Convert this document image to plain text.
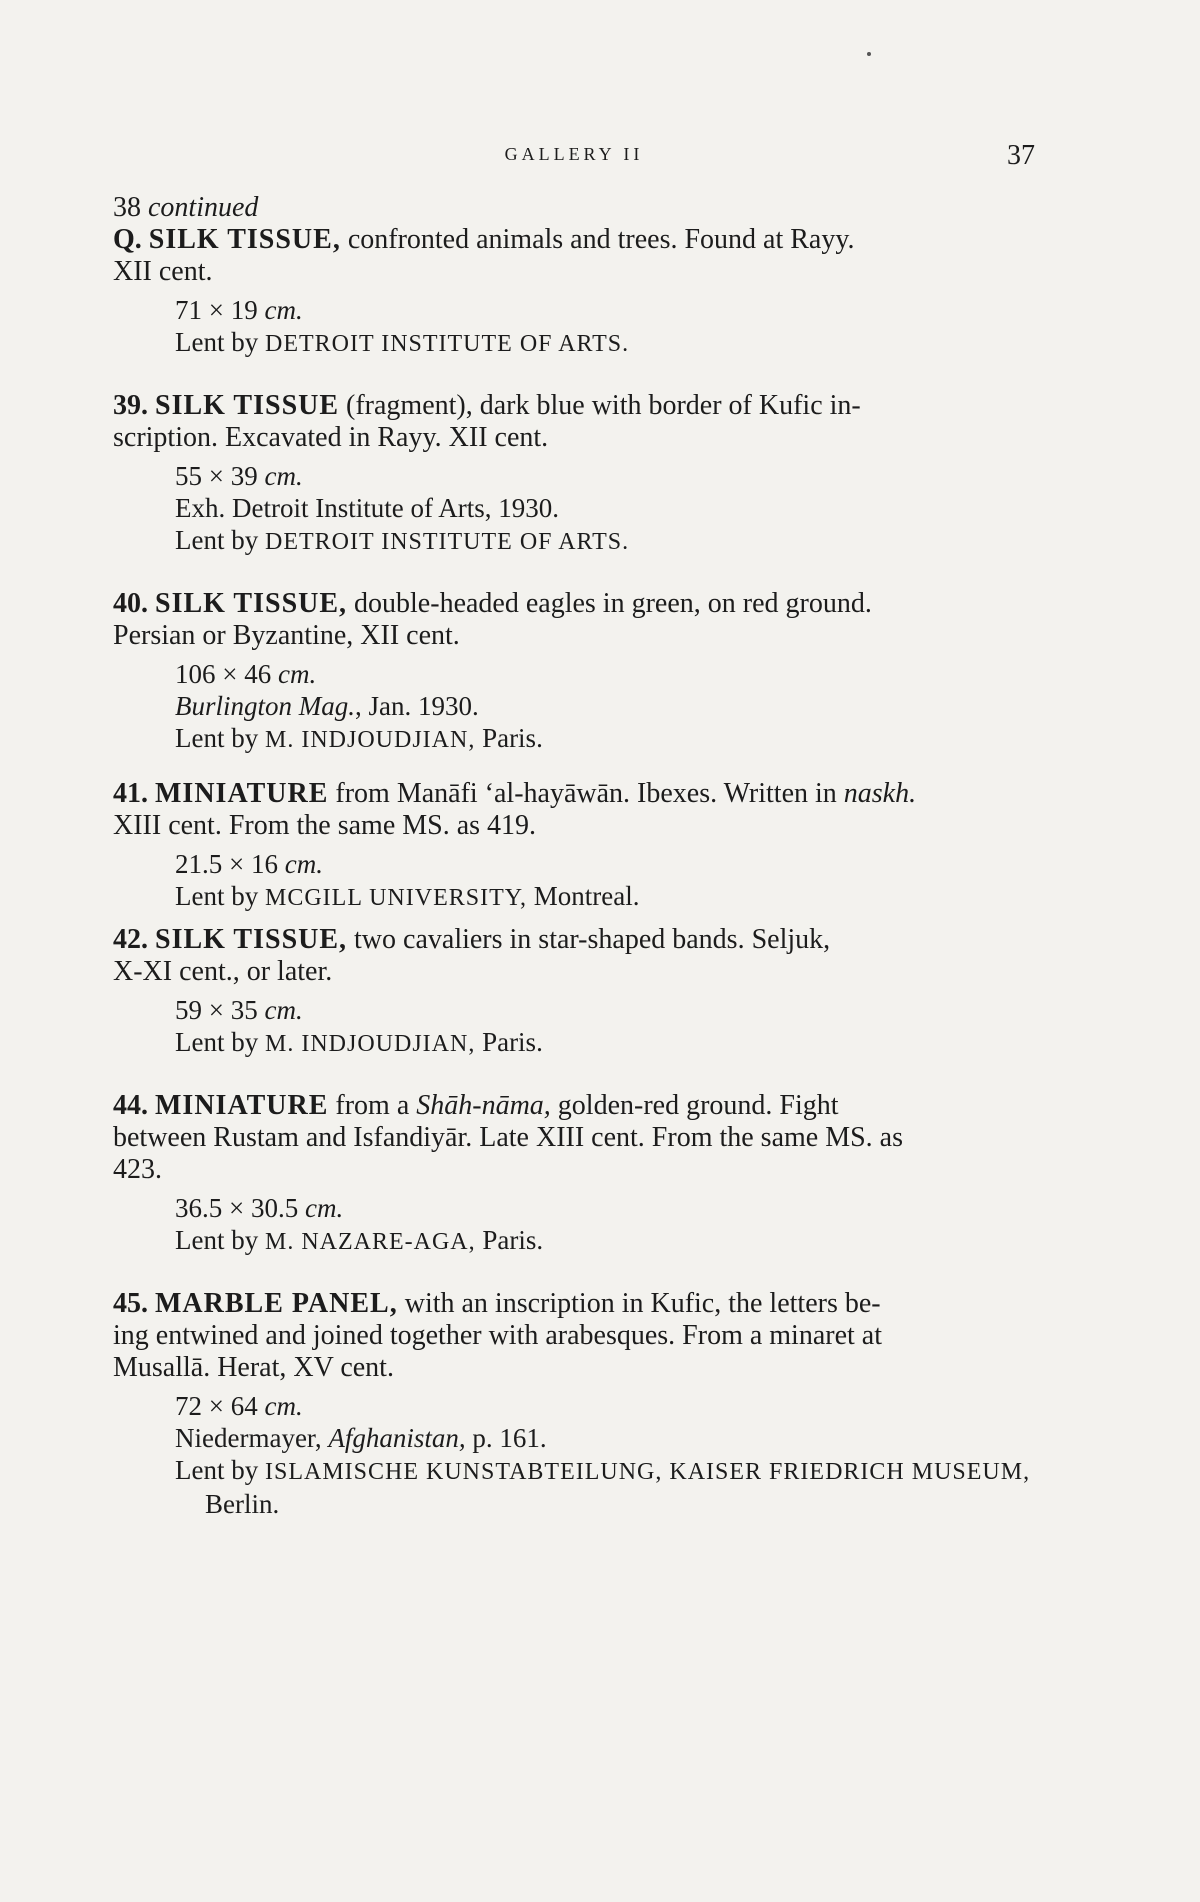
GALLERY II	37

38 continued

Q. SILK TISSUE, confronted animals and trees. Found at Rayy.
XII cent.

71 × 19 cm.

Lent by DETROIT INSTITUTE OF ARTS.

39. SILK TISSUE (fragment), dark blue with border of Kufic in-
scription. Excavated in Rayy. XII cent.

55 × 39 cm.

Exh. Detroit Institute of Arts, 1930.

Lent by DETROIT INSTITUTE OF ARTS.

40. SILK TISSUE, double-headed eagles in green, on red ground.
Persian or Byzantine, XII cent.

106 × 46 cm.

Burlington Mag., Jan. 1930.

Lent by M. INDJOUDJIAN, Paris.

41. MINIATURE from Manāfi ‘al-hayāwān. Ibexes. Written in naskh.
XIII cent. From the same MS. as 419.

21.5 × 16 cm.

Lent by MCGILL UNIVERSITY, Montreal.

42. SILK TISSUE, two cavaliers in star-shaped bands. Seljuk,
X-XI cent., or later.

59 × 35 cm.

Lent by M. INDJOUDJIAN, Paris.

44. MINIATURE from a Shāh-nāma, golden-red ground. Fight
between Rustam and Isfandiyār. Late XIII cent. From the same MS. as
423.

36.5 × 30.5 cm.

Lent by M. NAZARE-AGA, Paris.

45. MARBLE PANEL, with an inscription in Kufic, the letters be-
ing entwined and joined together with arabesques. From a minaret at
Musallā. Herat, XV cent.

72 × 64 cm.

Niedermayer, Afghanistan, p. 161.

Lent by ISLAMISCHE KUNSTABTEILUNG, KAISER FRIEDRICH MUSEUM,

Berlin.
